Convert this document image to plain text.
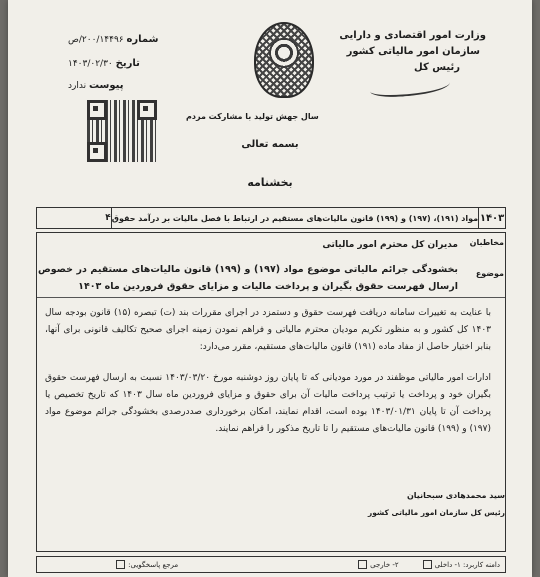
وزارت امور اقتصادی و دارایی
سازمان امور مالیاتی کشور
رئیس کل
شماره ۲۰۰/۱۴۴۹۶/ص
تاریخ ۱۴۰۳/۰۲/۳۰
پیوست ندارد
سال جهش تولید با مشارکت مردم
بسمه تعالی
بخشنامه
۱۴۰۳
مواد (۱۹۱)، (۱۹۷) و (۱۹۹) قانون مالیات‌های مستقیم در ارتباط با فصل مالیات بر درآمد حقوق
۴
مخاطبان
مدیران کل محترم امور مالیاتی
موضوع
بخشودگی جرائم مالیاتی موضوع مواد (۱۹۷) و (۱۹۹) قانون مالیات‌های مستقیم در خصوص ارسال فهرست حقوق بگیران و پرداخت مالیات و مزایای حقوق فروردین ماه ۱۴۰۳
با عنایت به تغییرات سامانه دریافت فهرست حقوق و دستمزد در اجرای مقررات بند (ت) تبصره (۱۵) قانون بودجه سال ۱۴۰۳ کل کشور و به منظور تکریم مودیان محترم مالیاتی و فراهم نمودن زمینه اجرای صحیح تکالیف قانونی برای آنها، بنابر اختیار حاصل از مفاد ماده (۱۹۱) قانون مالیات‌های مستقیم، مقرر می‌دارد:
ادارات امور مالیاتی موظفند در مورد مودیانی که تا پایان روز دوشنبه مورخ ۱۴۰۳/۰۳/۲۰ نسبت به ارسال فهرست حقوق بگیران خود و پرداخت یا ترتیب پرداخت مالیات آن برای حقوق و مزایای فروردین ماه سال ۱۴۰۳ که تاریخ تخصیص یا پرداخت آن تا پایان ۱۴۰۳/۰۱/۳۱ بوده است، اقدام نمایند، امکان برخورداری صددرصدی بخشودگی جرائم موضوع مواد (۱۹۷) و (۱۹۹) قانون مالیات‌های مستقیم را تا تاریخ مذکور را فراهم نمایند.
سید محمدهادی سبحانیان
رئیس کل سازمان امور مالیاتی کشور
دامنه کاربرد: ۱- داخلی
۲- خارجی
مرجع پاسخگویی:
